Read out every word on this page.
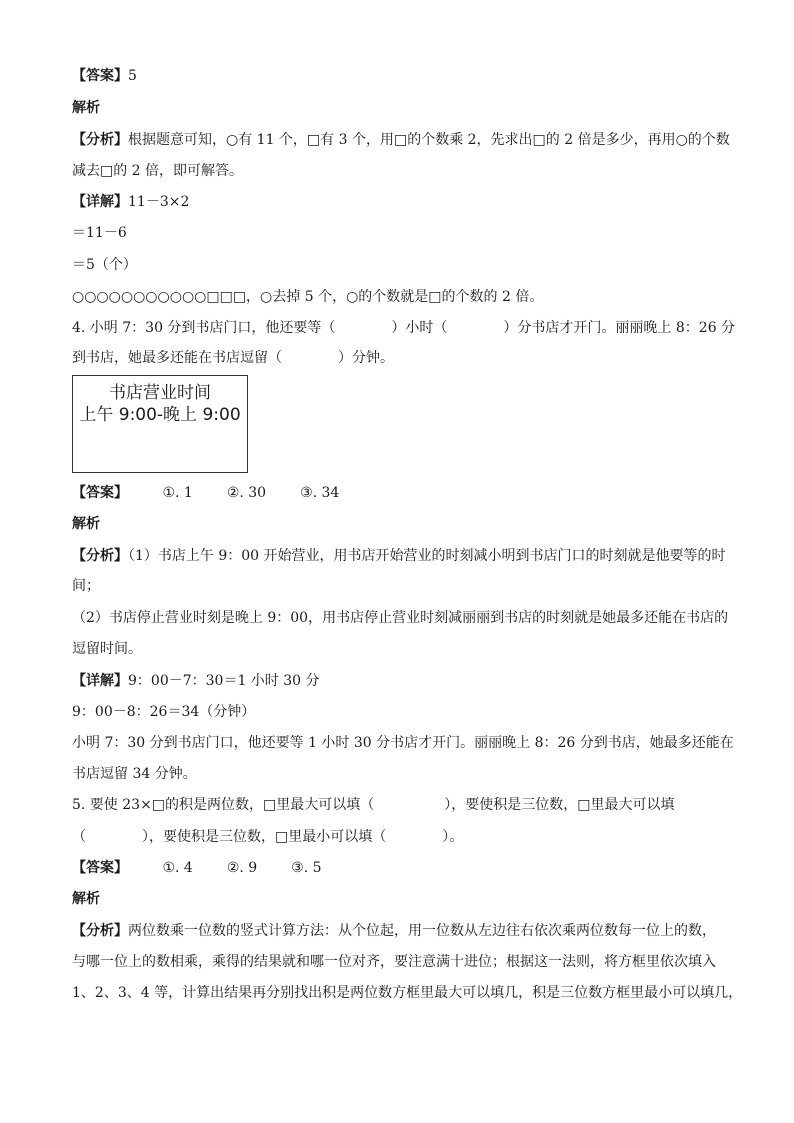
【答案】5
解析
【分析】根据题意可知，○有 11 个，□有 3 个，用□的个数乘 2，先求出□的 2 倍是多少，再用○的个数
减去□的 2 倍，即可解答。
【详解】11－3×2
＝11－6
＝5（个）
○○○○○○○○○○○□□□，○去掉 5 个，○的个数就是□的个数的 2 倍。
4. 小明 7：30 分到书店门口，他还要等（　　　　）小时（　　　　）分书店才开门。丽丽晚上 8：26 分
到书店，她最多还能在书店逗留（　　　　）分钟。
书店营业时间
上午 9:00-晚上 9:00
【答案】 ①. 1 ②. 30 ③. 34
解析
【分析】（1）书店上午 9：00 开始营业，用书店开始营业的时刻减小明到书店门口的时刻就是他要等的时
间；
（2）书店停止营业时刻是晚上 9：00，用书店停止营业时刻减丽丽到书店的时刻就是她最多还能在书店的
逗留时间。
【详解】9：00－7：30＝1 小时 30 分
9：00－8：26＝34（分钟）
小明 7：30 分到书店门口，他还要等 1 小时 30 分书店才开门。丽丽晚上 8：26 分到书店，她最多还能在
书店逗留 34 分钟。
5. 要使 23×□的积是两位数，□里最大可以填（　　　　　），要使积是三位数，□里最大可以填
（　　　　），要使积是三位数，□里最小可以填（　　　　）。
【答案】 ①. 4 ②. 9 ③. 5
解析
【分析】两位数乘一位数的竖式计算方法：从个位起，用一位数从左边往右依次乘两位数每一位上的数，
与哪一位上的数相乘，乘得的结果就和哪一位对齐，要注意满十进位；根据这一法则，将方框里依次填入
1、2、3、4 等，计算出结果再分别找出积是两位数方框里最大可以填几，积是三位数方框里最小可以填几，
